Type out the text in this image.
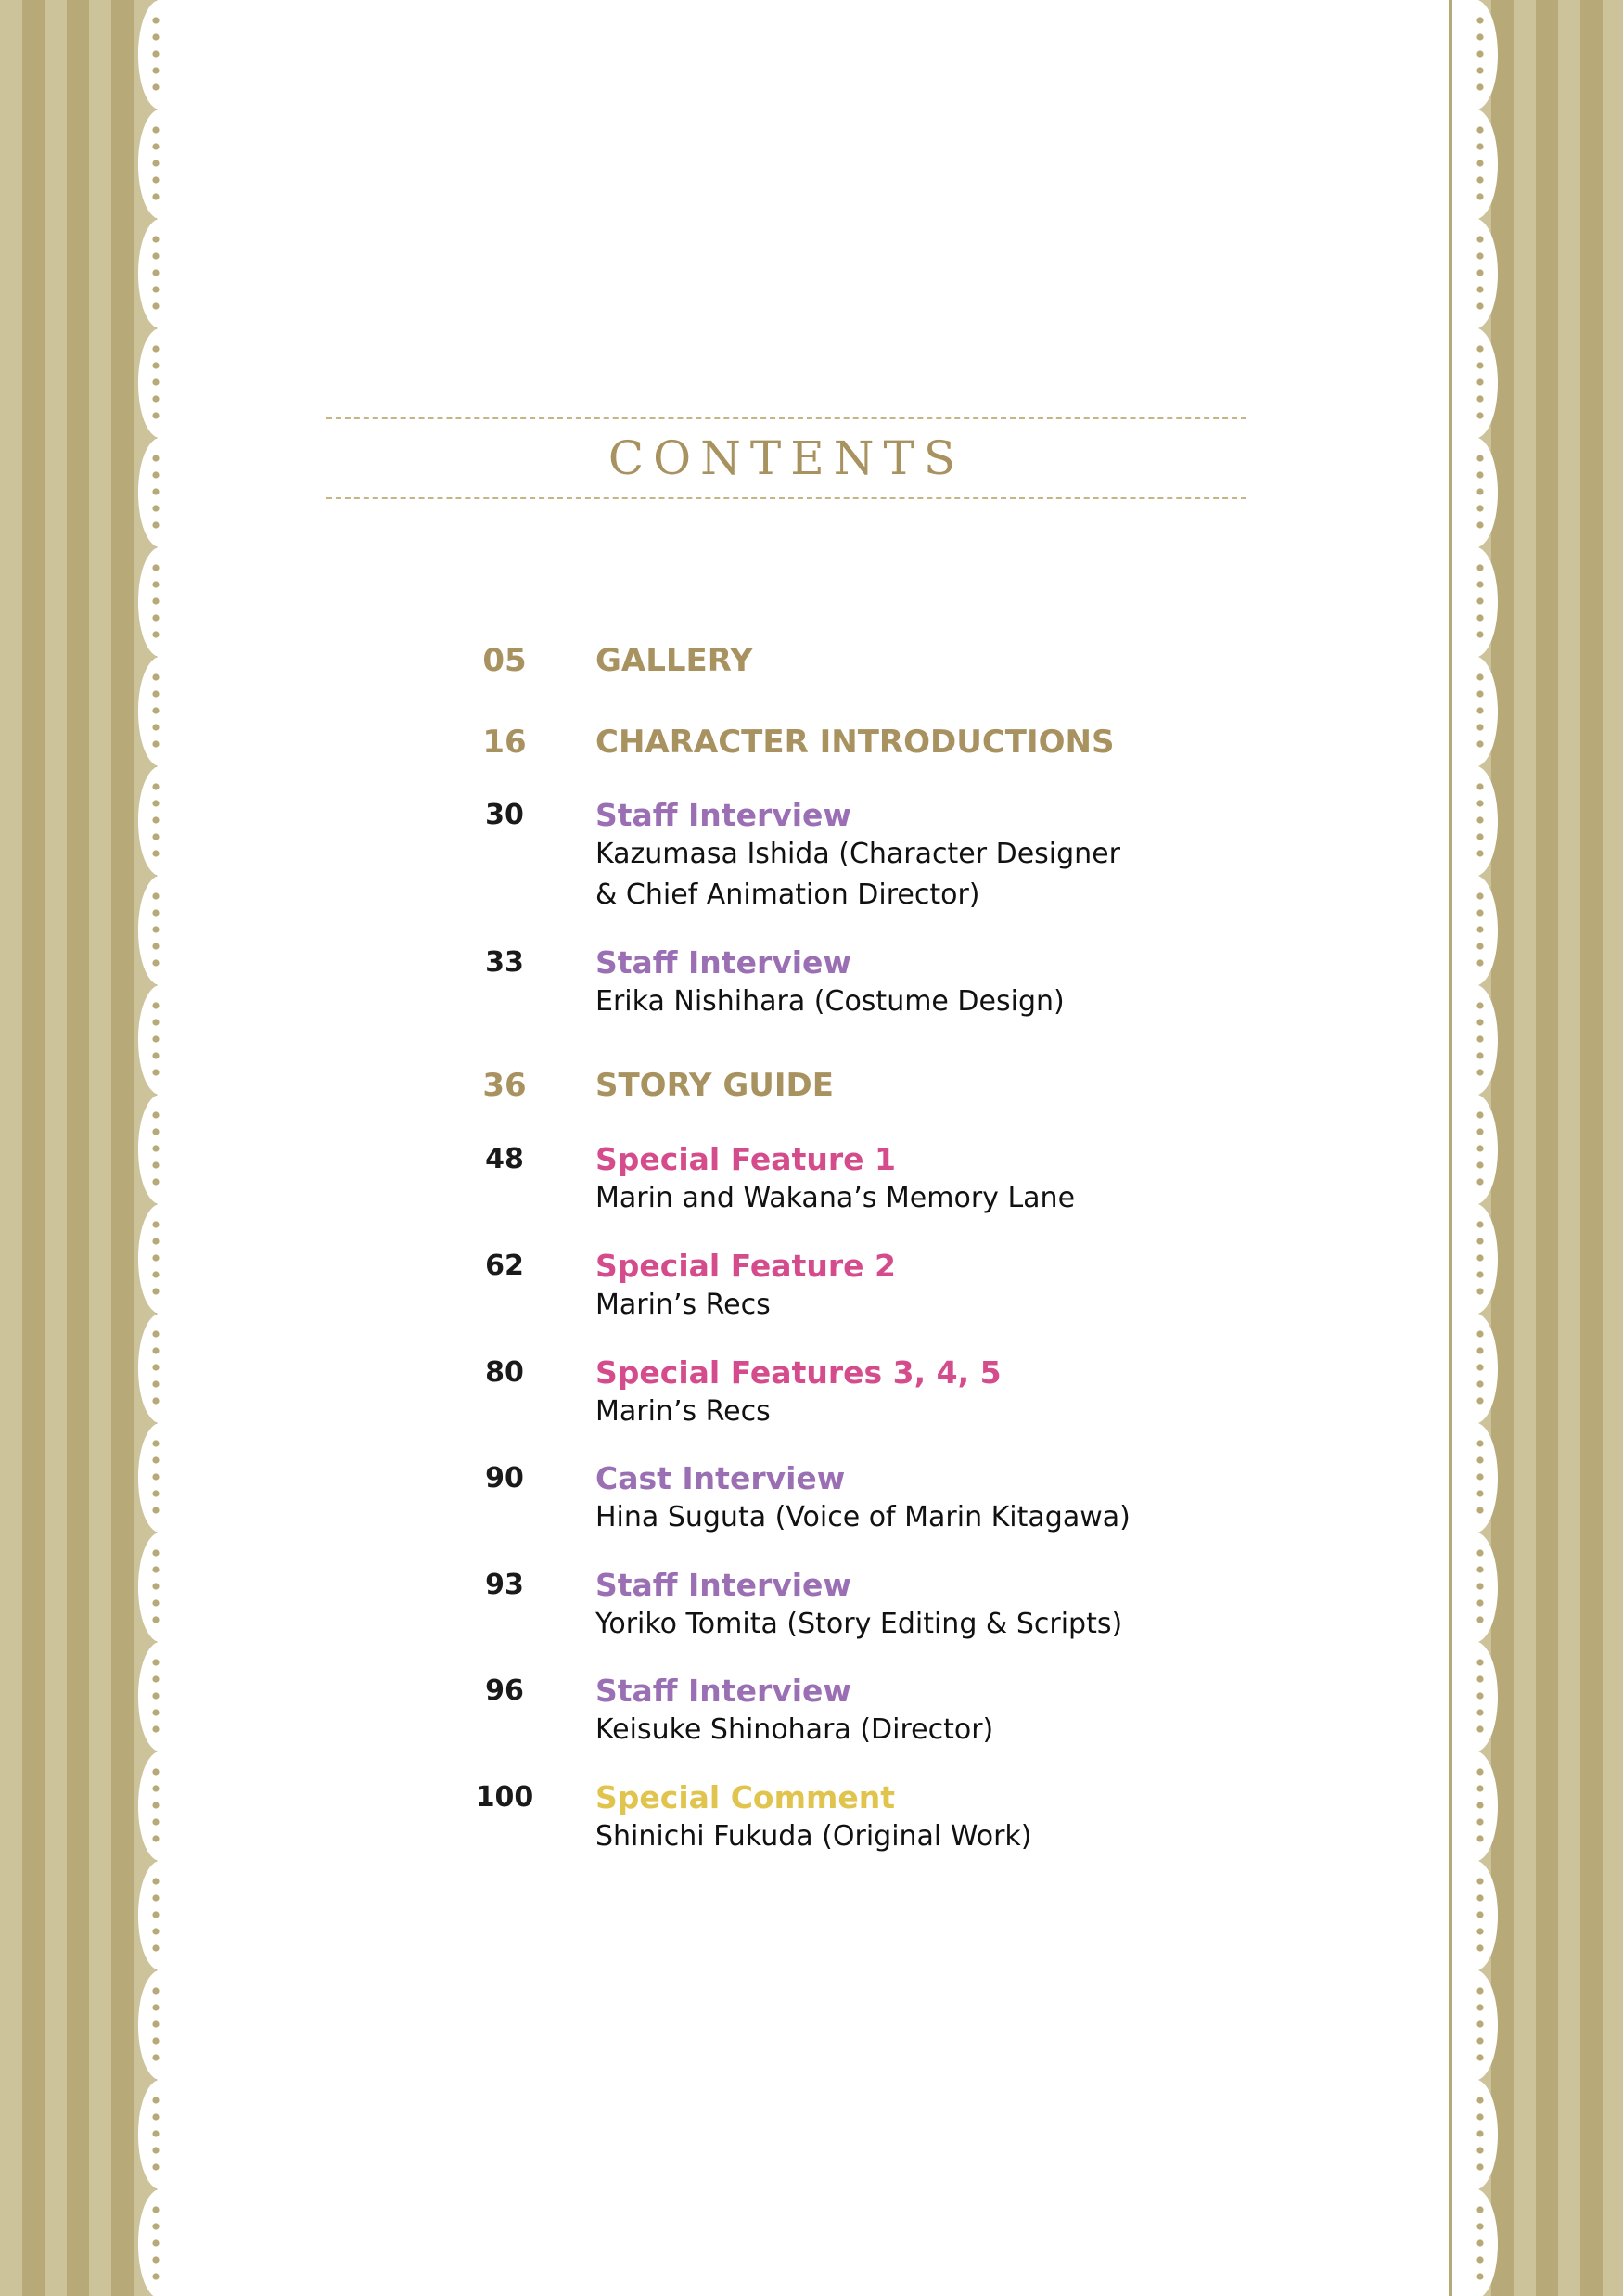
CONTENTS
05	GALLERY
16	CHARACTER INTRODUCTIONS
30	Staff Interview
Kazumasa Ishida (Character Designer & Chief Animation Director)
33	Staff Interview
Erika Nishihara (Costume Design)
36	STORY GUIDE
48	Special Feature 1
Marin and Wakana’s Memory Lane
62	Special Feature 2
Marin’s Recs
80	Special Features 3, 4, 5
Marin’s Recs
90	Cast Interview
Hina Suguta (Voice of Marin Kitagawa)
93	Staff Interview
Yoriko Tomita (Story Editing & Scripts)
96	Staff Interview
Keisuke Shinohara (Director)
100	Special Comment
Shinichi Fukuda (Original Work)
